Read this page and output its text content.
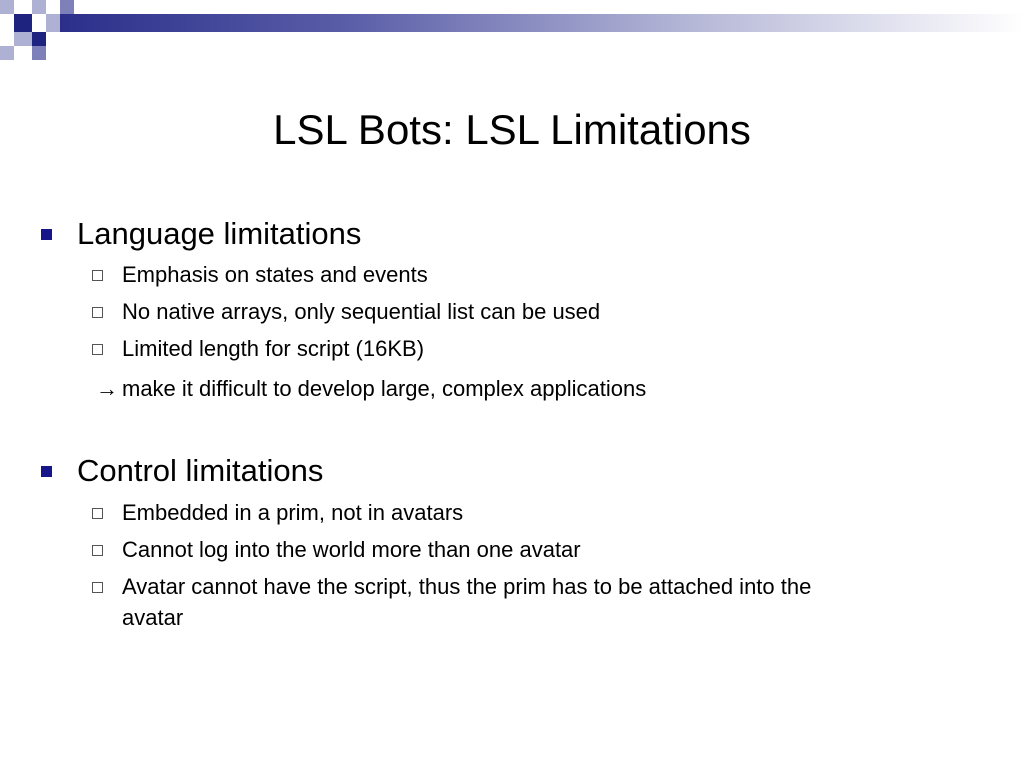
LSL Bots: LSL Limitations
Language limitations
Emphasis on states and events
No native arrays, only sequential list can be used
Limited length for script (16KB)
→ make it difficult to develop large, complex applications
Control limitations
Embedded in a prim, not in avatars
Cannot log into the world more than one avatar
Avatar cannot have the script, thus the prim has to be attached into the
avatar
